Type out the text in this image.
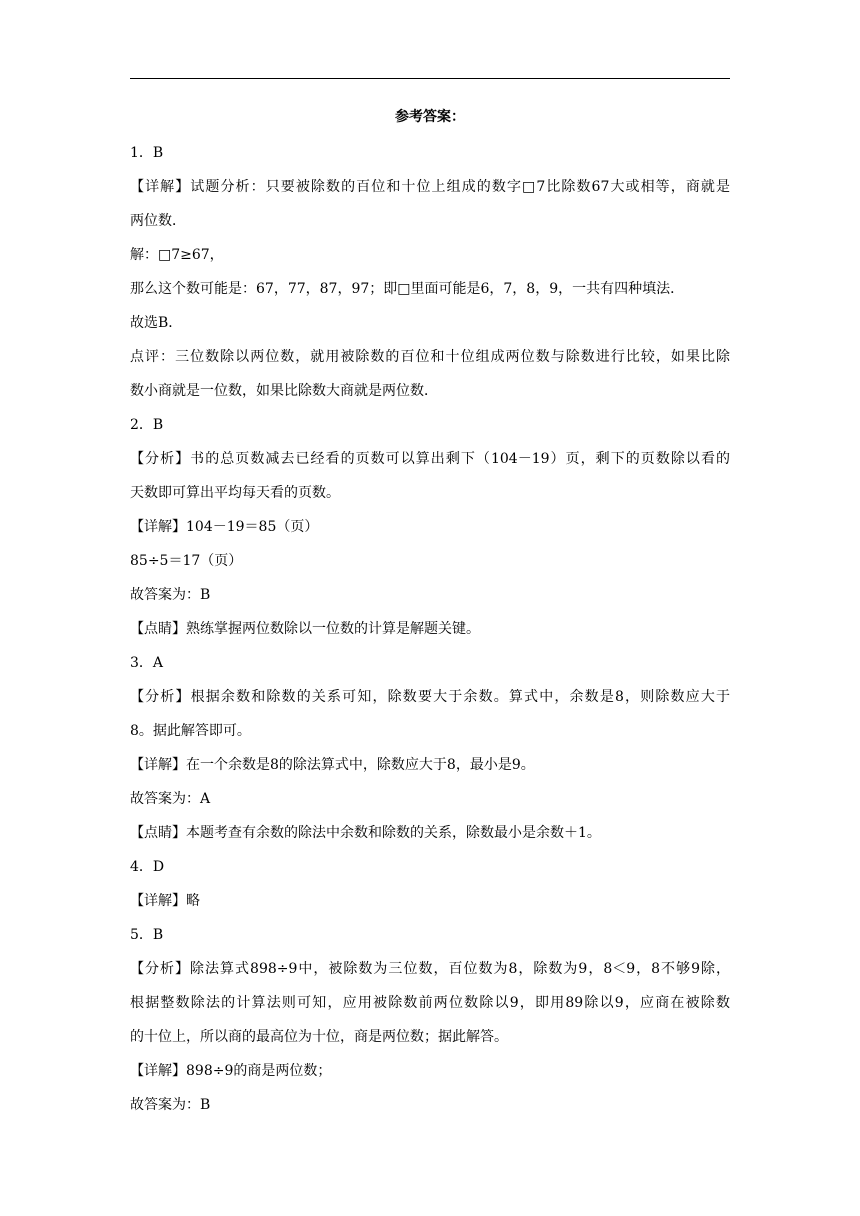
参考答案：
1．B
【详解】试题分析：只要被除数的百位和十位上组成的数字□7比除数67大或相等，商就是
两位数．
解：□7≥67，
那么这个数可能是：67，77，87，97；即□里面可能是6，7，8，9，一共有四种填法．
故选B．
点评：三位数除以两位数，就用被除数的百位和十位组成两位数与除数进行比较，如果比除
数小商就是一位数，如果比除数大商就是两位数．
2．B
【分析】书的总页数减去已经看的页数可以算出剩下（104－19）页，剩下的页数除以看的
天数即可算出平均每天看的页数。
【详解】104－19＝85（页）
85÷5＝17（页）
故答案为：B
【点睛】熟练掌握两位数除以一位数的计算是解题关键。
3．A
【分析】根据余数和除数的关系可知，除数要大于余数。算式中，余数是8，则除数应大于
8。据此解答即可。
【详解】在一个余数是8的除法算式中，除数应大于8，最小是9。
故答案为：A
【点睛】本题考查有余数的除法中余数和除数的关系，除数最小是余数＋1。
4．D
【详解】略
5．B
【分析】除法算式898÷9中，被除数为三位数，百位数为8，除数为9，8＜9，8不够9除，
根据整数除法的计算法则可知，应用被除数前两位数除以9，即用89除以9，应商在被除数
的十位上，所以商的最高位为十位，商是两位数；据此解答。
【详解】898÷9的商是两位数；
故答案为：B
